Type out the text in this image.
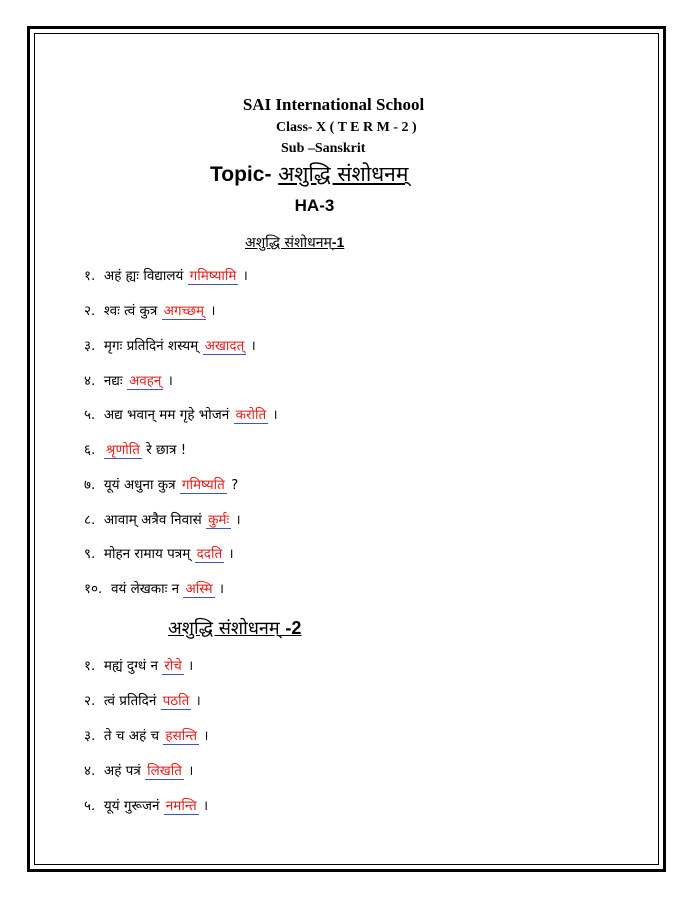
SAI International School
Class- X ( T E R M - 2 )
Sub –Sanskrit
Topic- अशुद्धि संशोधनम्
HA-3
अशुद्धि संशोधनम्-1
१. अहं ह्यः विद्यालयं गमिष्यामि ।
२. श्वः त्वं कुत्र अगच्छम् ।
३. मृगः प्रतिदिनं शस्यम् अखादत् ।
४. नद्यः अवहन् ।
५. अद्य भवान् मम गृहे भोजनं करोति ।
६. श्रृणोति रे छात्र !
७. यूयं अधुना कुत्र गमिष्यति ?
८. आवाम् अत्रैव निवासं कुर्मः ।
९. मोहन रामाय पत्रम् ददति ।
१०. वयं लेखकाः न अस्मि ।
अशुद्धि संशोधनम् -2
१. मह्यं दुग्धं न रोचे ।
२. त्वं प्रतिदिनं पठति ।
३. ते च अहं च हसन्ति ।
४. अहं पत्रं लिखति ।
५. यूयं गुरूजनं नमन्ति ।
